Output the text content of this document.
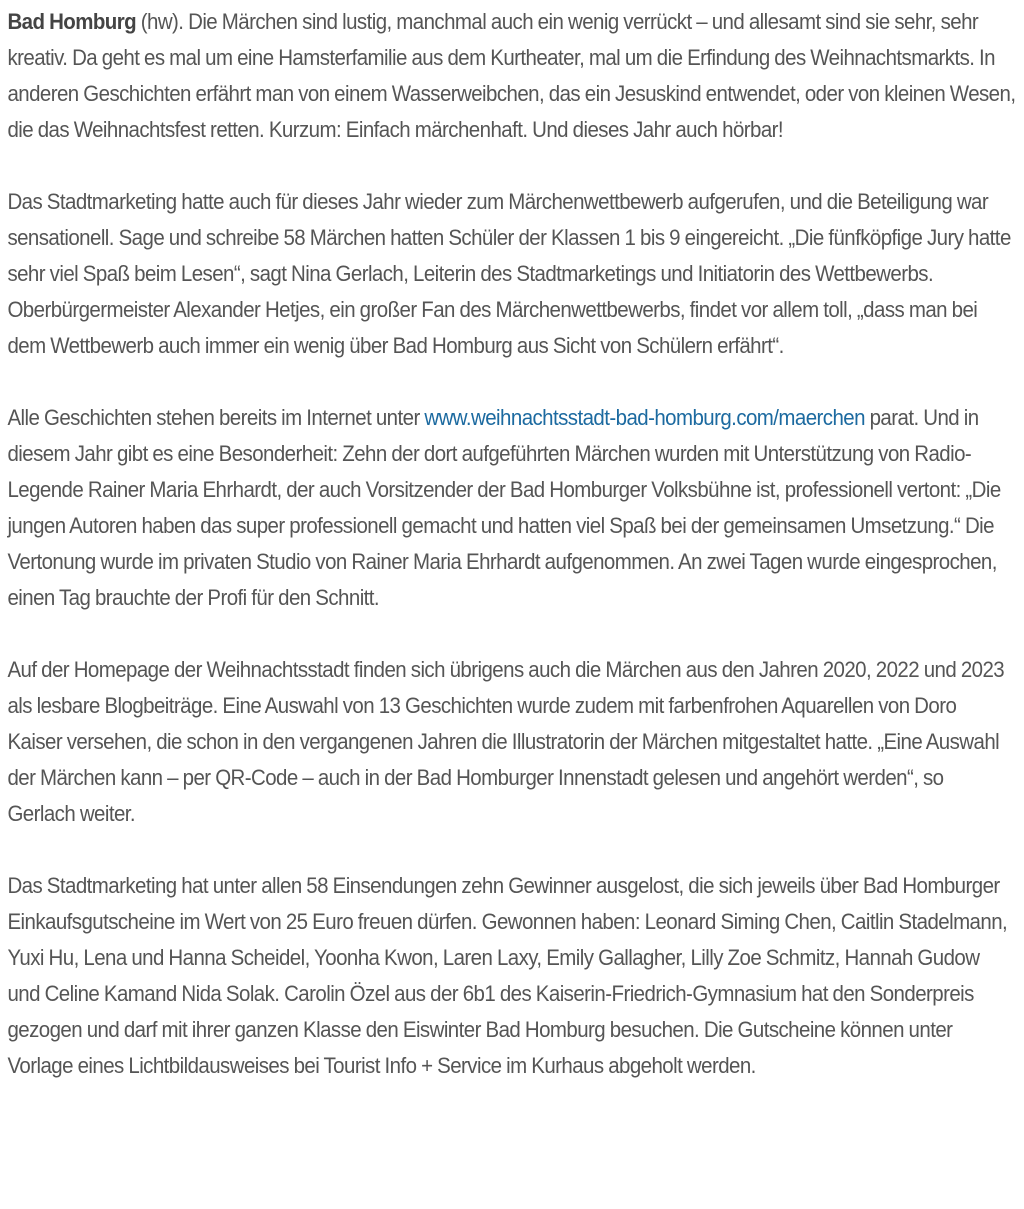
Bad Homburg (hw). Die Märchen sind lustig, manchmal auch ein wenig verrückt – und allesamt sind sie sehr, sehr kreativ. Da geht es mal um eine Hamsterfamilie aus dem Kurtheater, mal um die Erfindung des Weihnachtsmarkts. In anderen Geschichten erfährt man von einem Wasserweibchen, das ein Jesuskind entwendet, oder von kleinen Wesen, die das Weihnachtsfest retten. Kurzum: Einfach märchenhaft. Und dieses Jahr auch hörbar!

Das Stadtmarketing hatte auch für dieses Jahr wieder zum Märchenwettbewerb aufgerufen, und die Beteiligung war sensationell. Sage und schreibe 58 Märchen hatten Schüler der Klassen 1 bis 9 eingereicht. „Die fünfköpfige Jury hatte sehr viel Spaß beim Lesen“, sagt Nina Gerlach, Leiterin des Stadtmarketings und Initiatorin des Wettbewerbs. Oberbürgermeister Alexander Hetjes, ein großer Fan des Märchenwettbewerbs, findet vor allem toll, „dass man bei dem Wettbewerb auch immer ein wenig über Bad Homburg aus Sicht von Schülern erfährt“.

Alle Geschichten stehen bereits im Internet unter www.weihnachtsstadt-bad-homburg.com/maerchen parat. Und in diesem Jahr gibt es eine Besonderheit: Zehn der dort aufgeführten Märchen wurden mit Unterstützung von Radio-Legende Rainer Maria Ehrhardt, der auch Vorsitzender der Bad Homburger Volksbühne ist, professionell vertont: „Die jungen Autoren haben das super professionell gemacht und hatten viel Spaß bei der gemeinsamen Umsetzung.“ Die Vertonung wurde im privaten Studio von Rainer Maria Ehrhardt aufgenommen. An zwei Tagen wurde eingesprochen, einen Tag brauchte der Profi für den Schnitt.

Auf der Homepage der Weihnachtsstadt finden sich übrigens auch die Märchen aus den Jahren 2020, 2022 und 2023 als lesbare Blogbeiträge. Eine Auswahl von 13 Geschichten wurde zudem mit farbenfrohen Aquarellen von Doro Kaiser versehen, die schon in den vergangenen Jahren die Illustratorin der Märchen mitgestaltet hatte. „Eine Auswahl der Märchen kann – per QR-Code – auch in der Bad Homburger Innenstadt gelesen und angehört werden“, so Gerlach weiter.

Das Stadtmarketing hat unter allen 58 Einsendungen zehn Gewinner ausgelost, die sich jeweils über Bad Homburger Einkaufsgutscheine im Wert von 25 Euro freuen dürfen. Gewonnen haben: Leonard Siming Chen, Caitlin Stadelmann, Yuxi Hu, Lena und Hanna Scheidel, Yoonha Kwon, Laren Laxy, Emily Gallagher, Lilly Zoe Schmitz, Hannah Gudow und Celine Kamand Nida Solak. Carolin Özel aus der 6b1 des Kaiserin-Friedrich-Gymnasium hat den Sonderpreis gezogen und darf mit ihrer ganzen Klasse den Eiswinter Bad Homburg besuchen. Die Gutscheine können unter Vorlage eines Lichtbildausweises bei Tourist Info + Service im Kurhaus abgeholt werden.
